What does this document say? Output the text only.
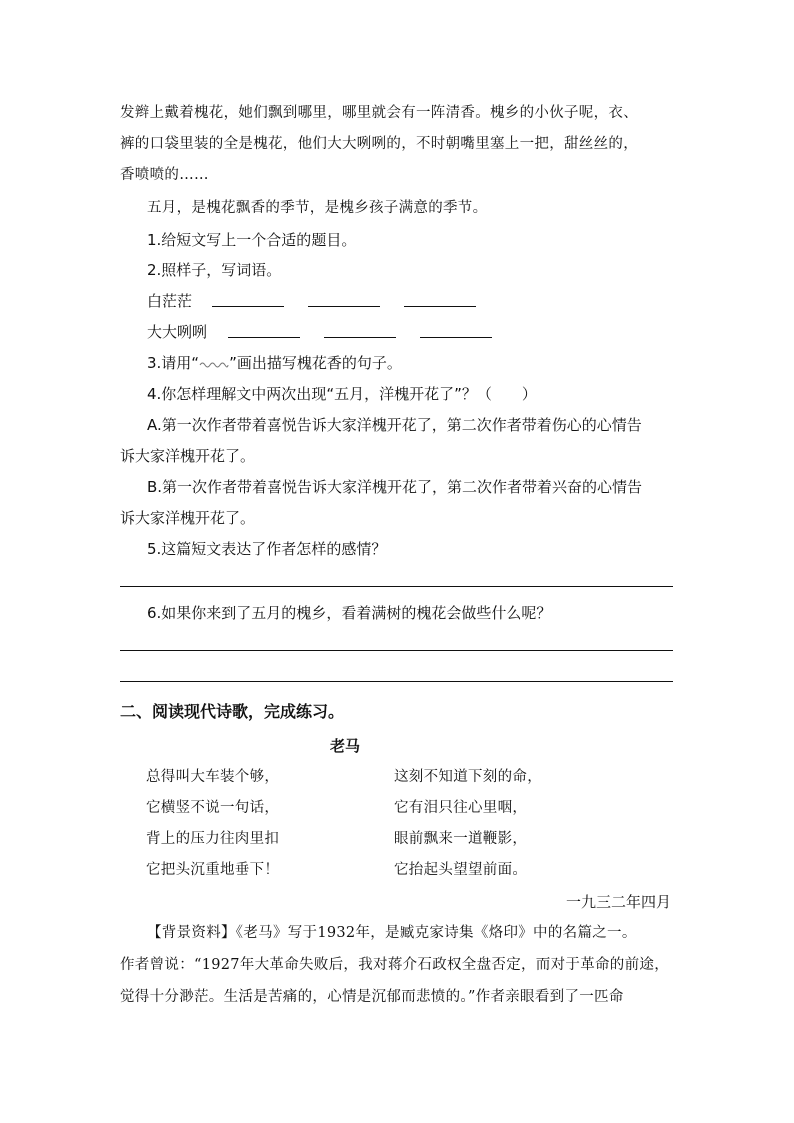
发辫上戴着槐花，她们飘到哪里，哪里就会有一阵清香。槐乡的小伙子呢，衣、
裤的口袋里装的全是槐花，他们大大咧咧的，不时朝嘴里塞上一把，甜丝丝的，
香喷喷的……
五月，是槐花飘香的季节，是槐乡孩子满意的季节。
1.给短文写上一个合适的题目。
2.照样子，写词语。
白茫茫
大大咧咧
3.请用“ ”画出描写槐花香的句子。
4.你怎样理解文中两次出现“五月，洋槐开花了”？（　　）
A.第一次作者带着喜悦告诉大家洋槐开花了，第二次作者带着伤心的心情告
诉大家洋槐开花了。
B.第一次作者带着喜悦告诉大家洋槐开花了，第二次作者带着兴奋的心情告
诉大家洋槐开花了。
5.这篇短文表达了作者怎样的感情？
6.如果你来到了五月的槐乡，看着满树的槐花会做些什么呢？
二、阅读现代诗歌，完成练习。
老马
总得叫大车装个够，
它横竖不说一句话，
背上的压力往肉里扣
它把头沉重地垂下！
这刻不知道下刻的命，
它有泪只往心里咽，
眼前飘来一道鞭影，
它抬起头望望前面。
一九三二年四月
【背景资料】《老马》写于1932年，是臧克家诗集《烙印》中的名篇之一。
作者曾说：“1927年大革命失败后，我对蒋介石政权全盘否定，而对于革命的前途，
觉得十分渺茫。生活是苦痛的，心情是沉郁而悲愤的。”作者亲眼看到了一匹命
